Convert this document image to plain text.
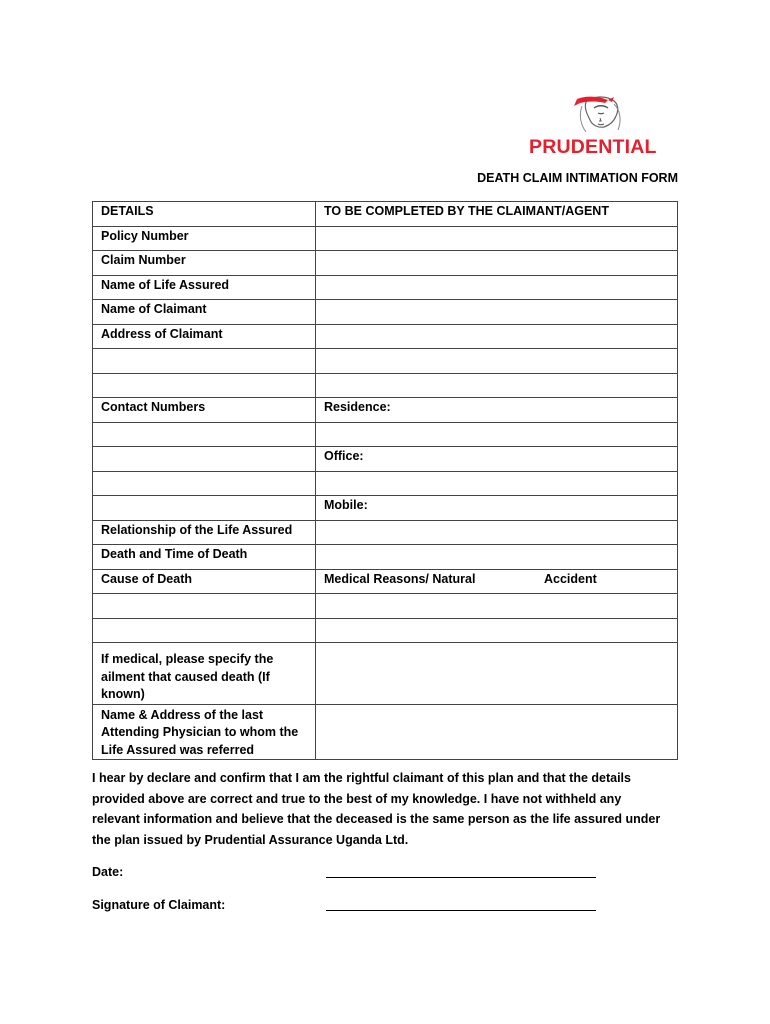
PRUDENTIAL
DEATH CLAIM INTIMATION FORM
DETAILS	TO BE COMPLETED BY THE CLAIMANT/AGENT
Policy Number	
Claim Number	
Name of Life Assured	
Name of Claimant	
Address of Claimant	

Contact Numbers	Residence:

	Office:

	Mobile:
Relationship of the Life Assured	
Death and Time of Death	
Cause of Death	Medical Reasons/ Natural Accident

If medical, please specify the ailment that caused death (If known)	
Name & Address of the last Attending Physician to whom the Life Assured was referred	
I hear by declare and confirm that I am the rightful claimant of this plan and that the details provided above are correct and true to the best of my knowledge. I have not withheld any relevant information and believe that the deceased is the same person as the life assured under the plan issued by Prudential Assurance Uganda Ltd.
Date:
Signature of Claimant:
